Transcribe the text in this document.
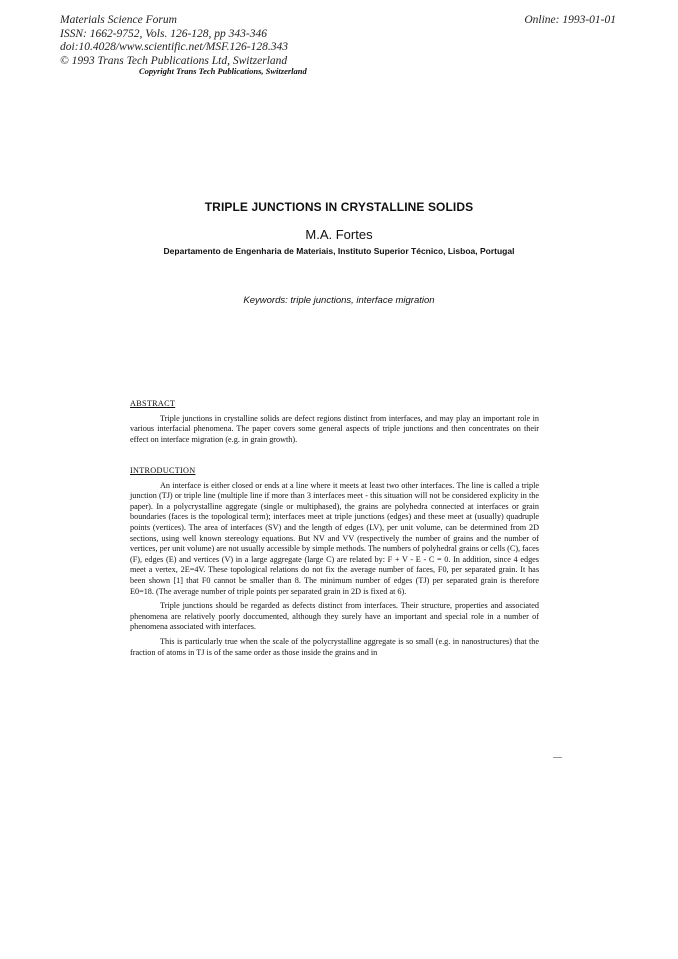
Materials Science Forum
ISSN: 1662-9752, Vols. 126-128, pp 343-346
doi:10.4028/www.scientific.net/MSF.126-128.343
© 1993 Trans Tech Publications Ltd, Switzerland
Online: 1993-01-01
Copyright Trans Tech Publications, Switzerland
TRIPLE JUNCTIONS IN CRYSTALLINE SOLIDS
M.A. Fortes
Departamento de Engenharia de Materiais, Instituto Superior Técnico, Lisboa, Portugal
Keywords: triple junctions, interface migration
ABSTRACT

Triple junctions in crystalline solids are defect regions distinct from interfaces, and may play an important role in various interfacial phenomena. The paper covers some general aspects of triple junctions and then concentrates on their effect on interface migration (e.g. in grain growth).

INTRODUCTION

An interface is either closed or ends at a line where it meets at least two other interfaces. The line is called a triple junction (TJ) or triple line (multiple line if more than 3 interfaces meet - this situation will not be considered explicity in the paper). In a polycrystalline aggregate (single or multiphased), the grains are polyhedra connected at interfaces or grain boundaries (faces is the topological term); interfaces meet at triple junctions (edges) and these meet at (usually) quadruple points (vertices). The area of interfaces (SV) and the length of edges (LV), per unit volume, can be determined from 2D sections, using well known stereology equations. But NV and VV (respectively the number of grains and the number of vertices, per unit volume) are not usually accessible by simple methods. The numbers of polyhedral grains or cells (C), faces (F), edges (E) and vertices (V) in a large aggregate (large C) are related by: F + V - E - C = 0. In addition, since 4 edges meet a vertex, 2E=4V. These topological relations do not fix the average number of faces, F0, per separated grain. It has been shown [1] that F0 cannot be smaller than 8. The minimum number of edges (TJ) per separated grain is therefore E0=18. (The average number of triple points per separated grain in 2D is fixed at 6).

Triple junctions should be regarded as defects distinct from interfaces. Their structure, properties and associated phenomena are relatively poorly doccumented, although they surely have an important and special role in a number of phenomena associated with interfaces.

This is particularly true when the scale of the polycrystalline aggregate is so small (e.g. in nanostructures) that the fraction of atoms in TJ is of the same order as those inside the grains and in
